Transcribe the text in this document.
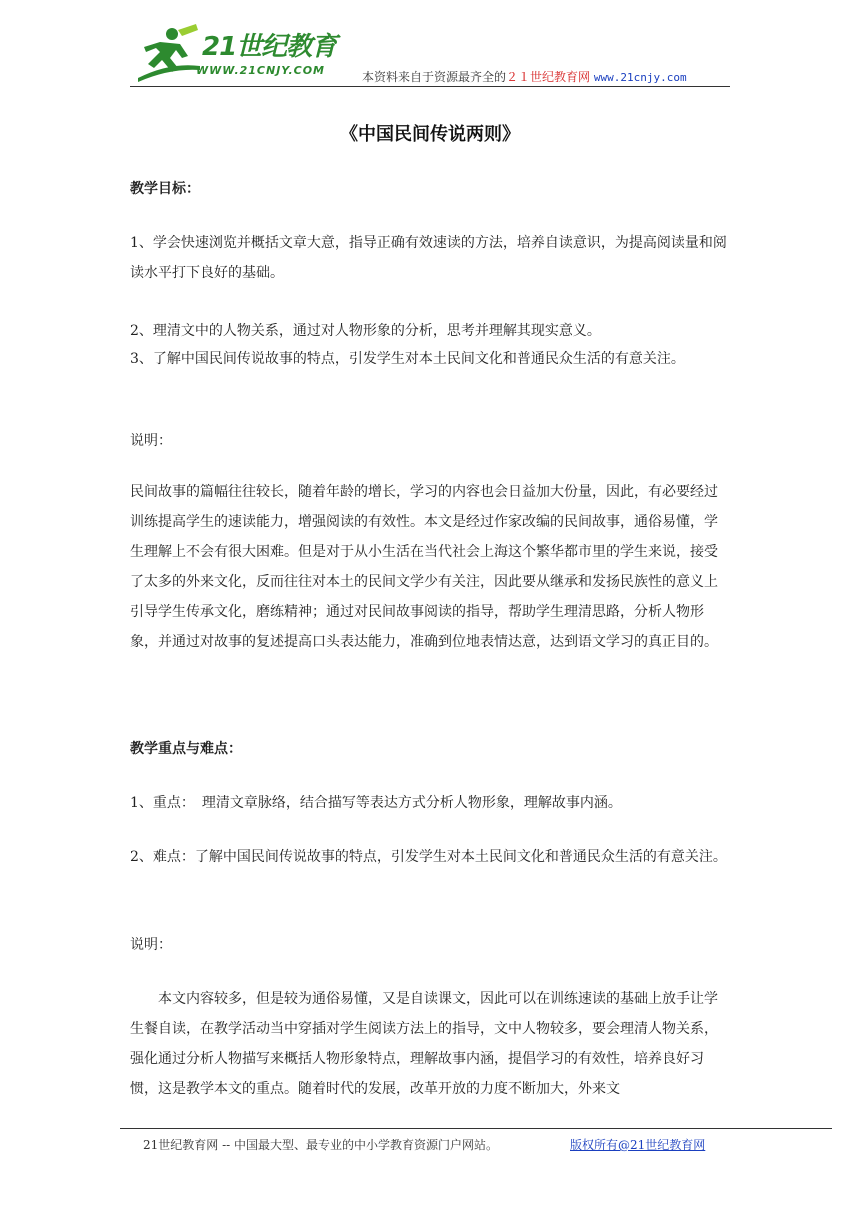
21世纪教育
WWW.21CNJY.COM	本资料来自于资源最齐全的２１世纪教育网 www.21cnjy.com
《中国民间传说两则》

教学目标：

1、学会快速浏览并概括文章大意，指导正确有效速读的方法，培养自读意识，为提高阅读量和阅读水平打下良好的基础。

2、理清文中的人物关系，通过对人物形象的分析，思考并理解其现实意义。

3、了解中国民间传说故事的特点，引发学生对本土民间文化和普通民众生活的有意关注。

说明：

民间故事的篇幅往往较长，随着年龄的增长，学习的内容也会日益加大份量，因此，有必要经过训练提高学生的速读能力，增强阅读的有效性。本文是经过作家改编的民间故事，通俗易懂，学生理解上不会有很大困难。但是对于从小生活在当代社会上海这个繁华都市里的学生来说，接受了太多的外来文化，反而往往对本土的民间文学少有关注，因此要从继承和发扬民族性的意义上引导学生传承文化，磨练精神；通过对民间故事阅读的指导，帮助学生理清思路，分析人物形象，并通过对故事的复述提高口头表达能力，准确到位地表情达意，达到语文学习的真正目的。

教学重点与难点：

1、重点：　理清文章脉络，结合描写等表达方式分析人物形象，理解故事内涵。

2、难点：了解中国民间传说故事的特点，引发学生对本土民间文化和普通民众生活的有意关注。

说明：

本文内容较多，但是较为通俗易懂，又是自读课文，因此可以在训练速读的基础上放手让学生餐自读，在教学活动当中穿插对学生阅读方法上的指导，文中人物较多，要会理清人物关系，强化通过分析人物描写来概括人物形象特点，理解故事内涵，提倡学习的有效性，培养良好习惯，这是教学本文的重点。随着时代的发展，改革开放的力度不断加大，外来文

21世纪教育网 -- 中国最大型、最专业的中小学教育资源门户网站。	版权所有@21世纪教育网
